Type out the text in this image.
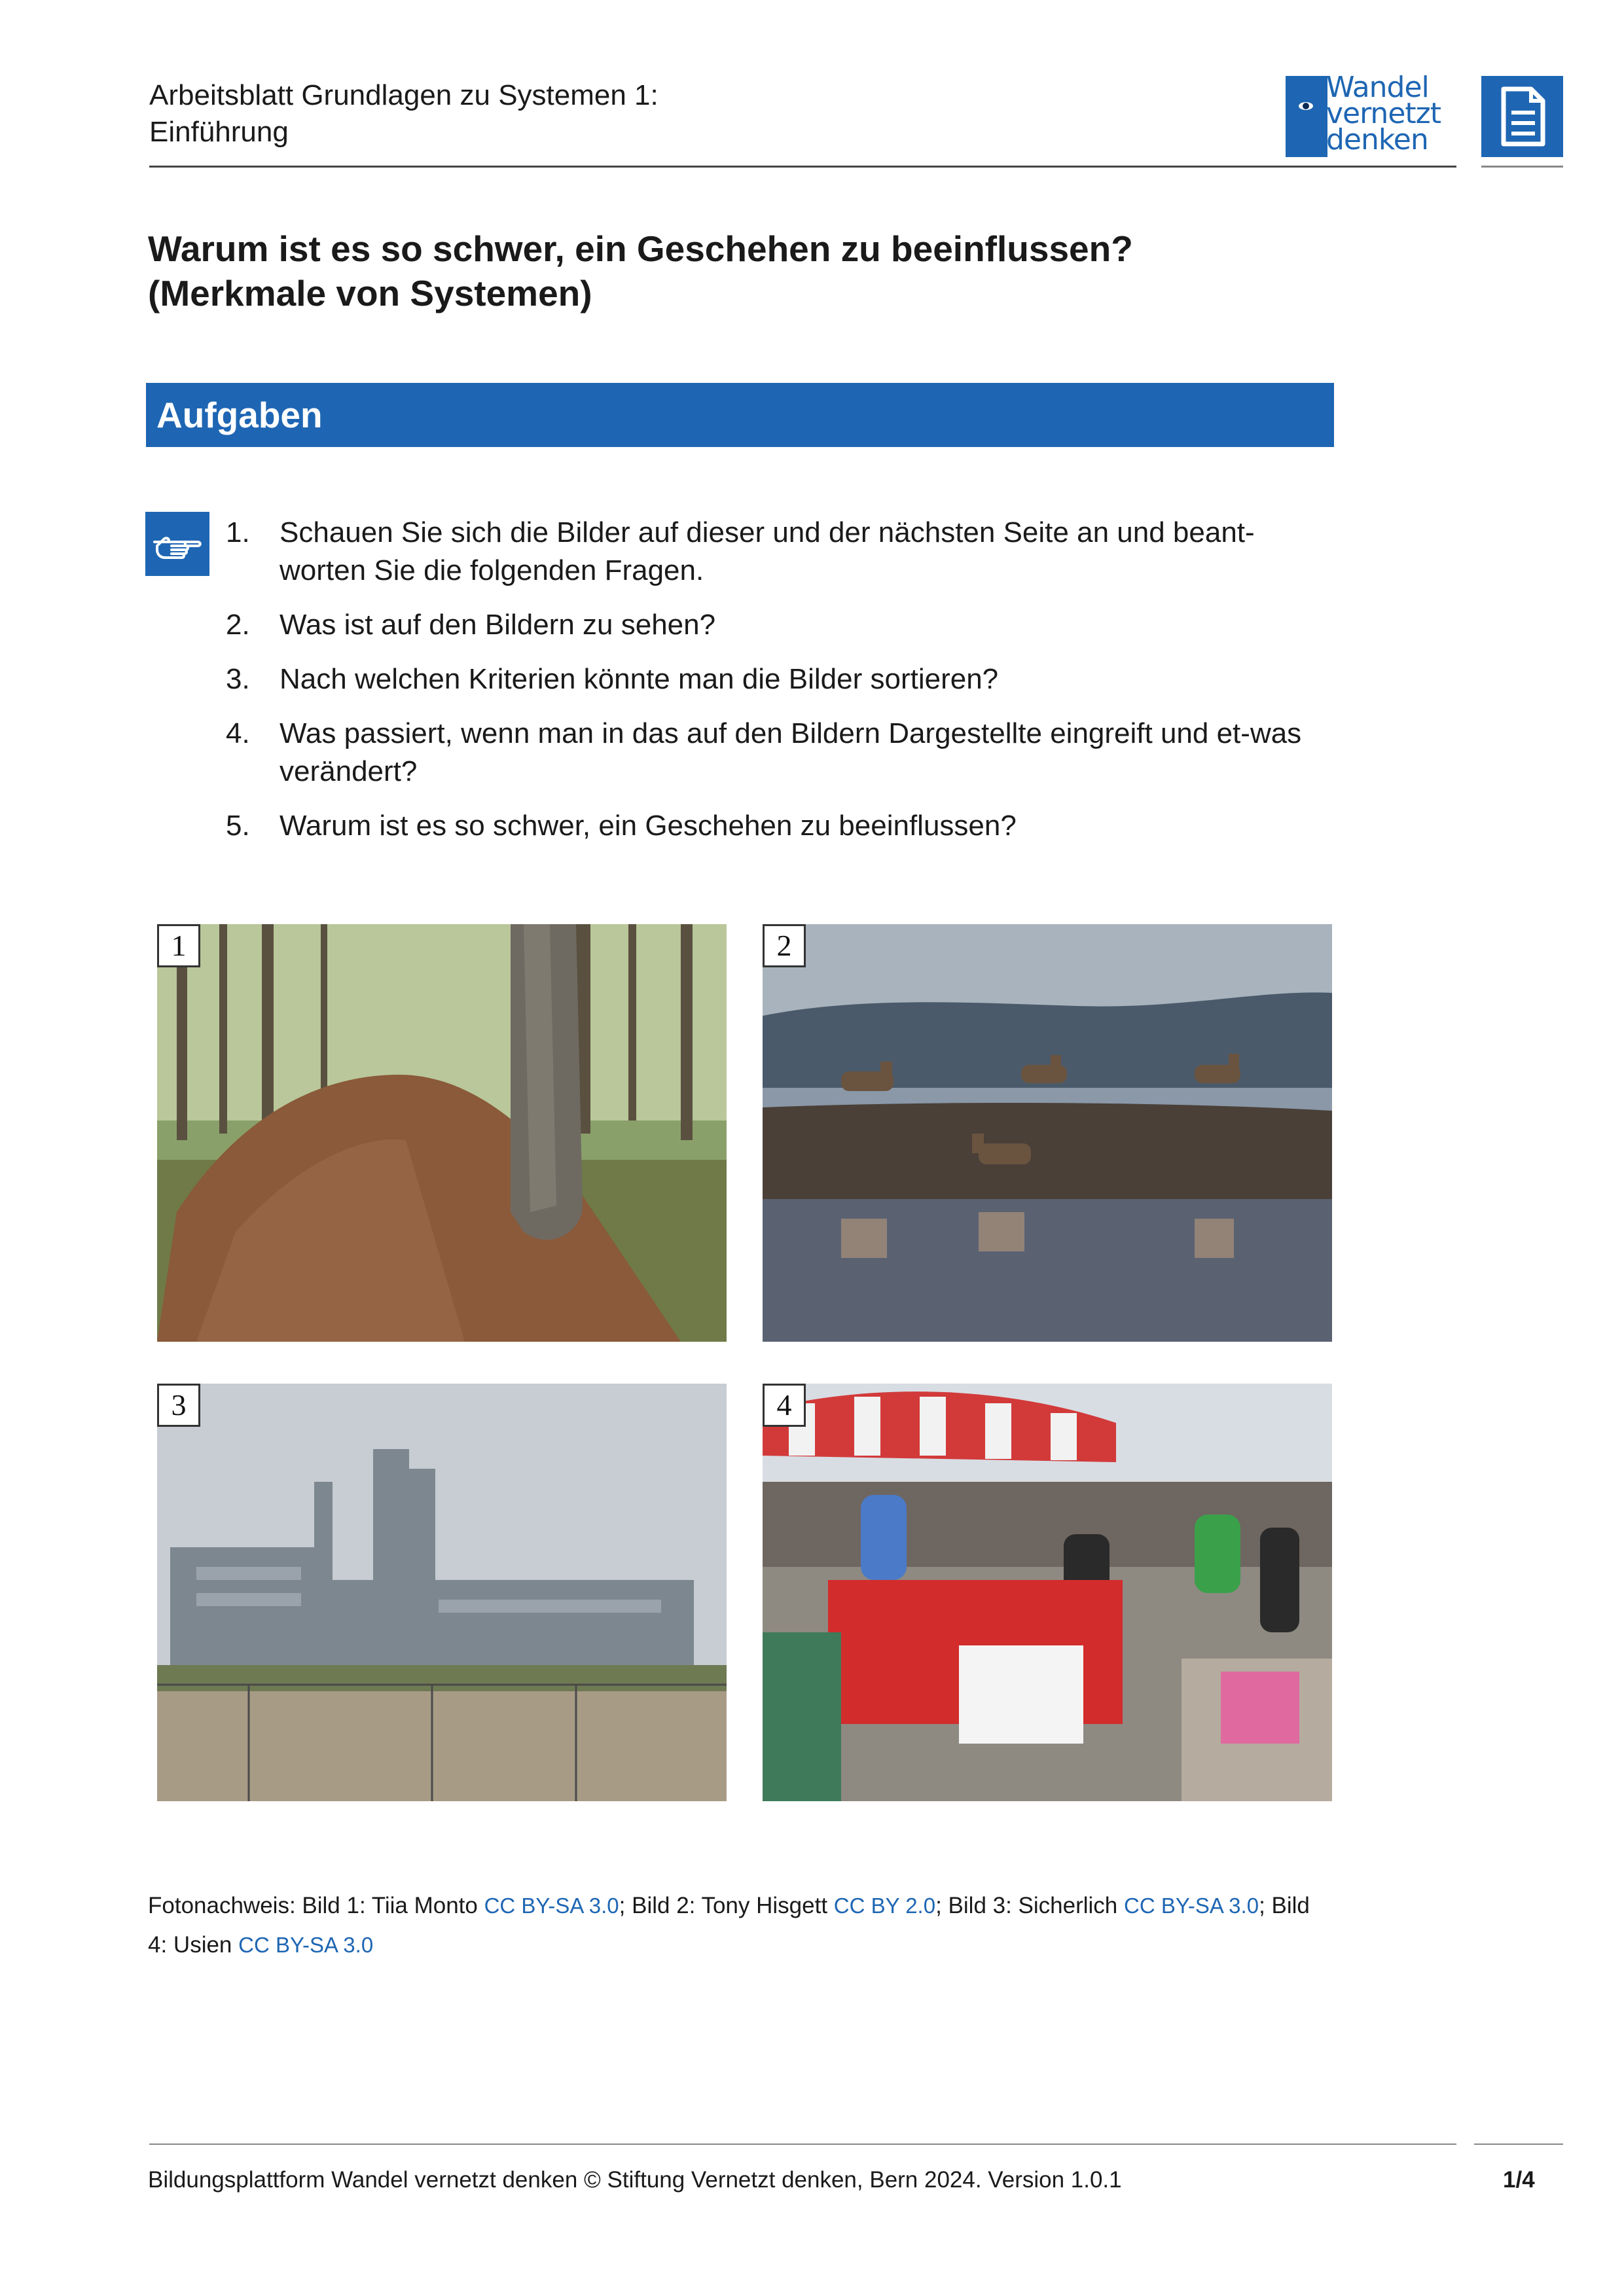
Arbeitsblatt Grundlagen zu Systemen 1:
Einführung
Wandel
vernetzt
denken
Warum ist es so schwer, ein Geschehen zu beeinflussen?
(Merkmale von Systemen)
Aufgaben
1. Schauen Sie sich die Bilder auf dieser und der nächsten Seite an und beant-worten Sie die folgenden Fragen.
2. Was ist auf den Bildern zu sehen?
3. Nach welchen Kriterien könnte man die Bilder sortieren?
4. Was passiert, wenn man in das auf den Bildern Dargestellte eingreift und et-was verändert?
5. Warum ist es so schwer, ein Geschehen zu beeinflussen?
1	2
3	4
Fotonachweis: Bild 1: Tiia Monto CC BY-SA 3.0; Bild 2: Tony Hisgett CC BY 2.0; Bild 3: Sicherlich CC BY-SA 3.0; Bild 4: Usien CC BY-SA 3.0
Bildungsplattform Wandel vernetzt denken © Stiftung Vernetzt denken, Bern 2024. Version 1.0.1	1/4
